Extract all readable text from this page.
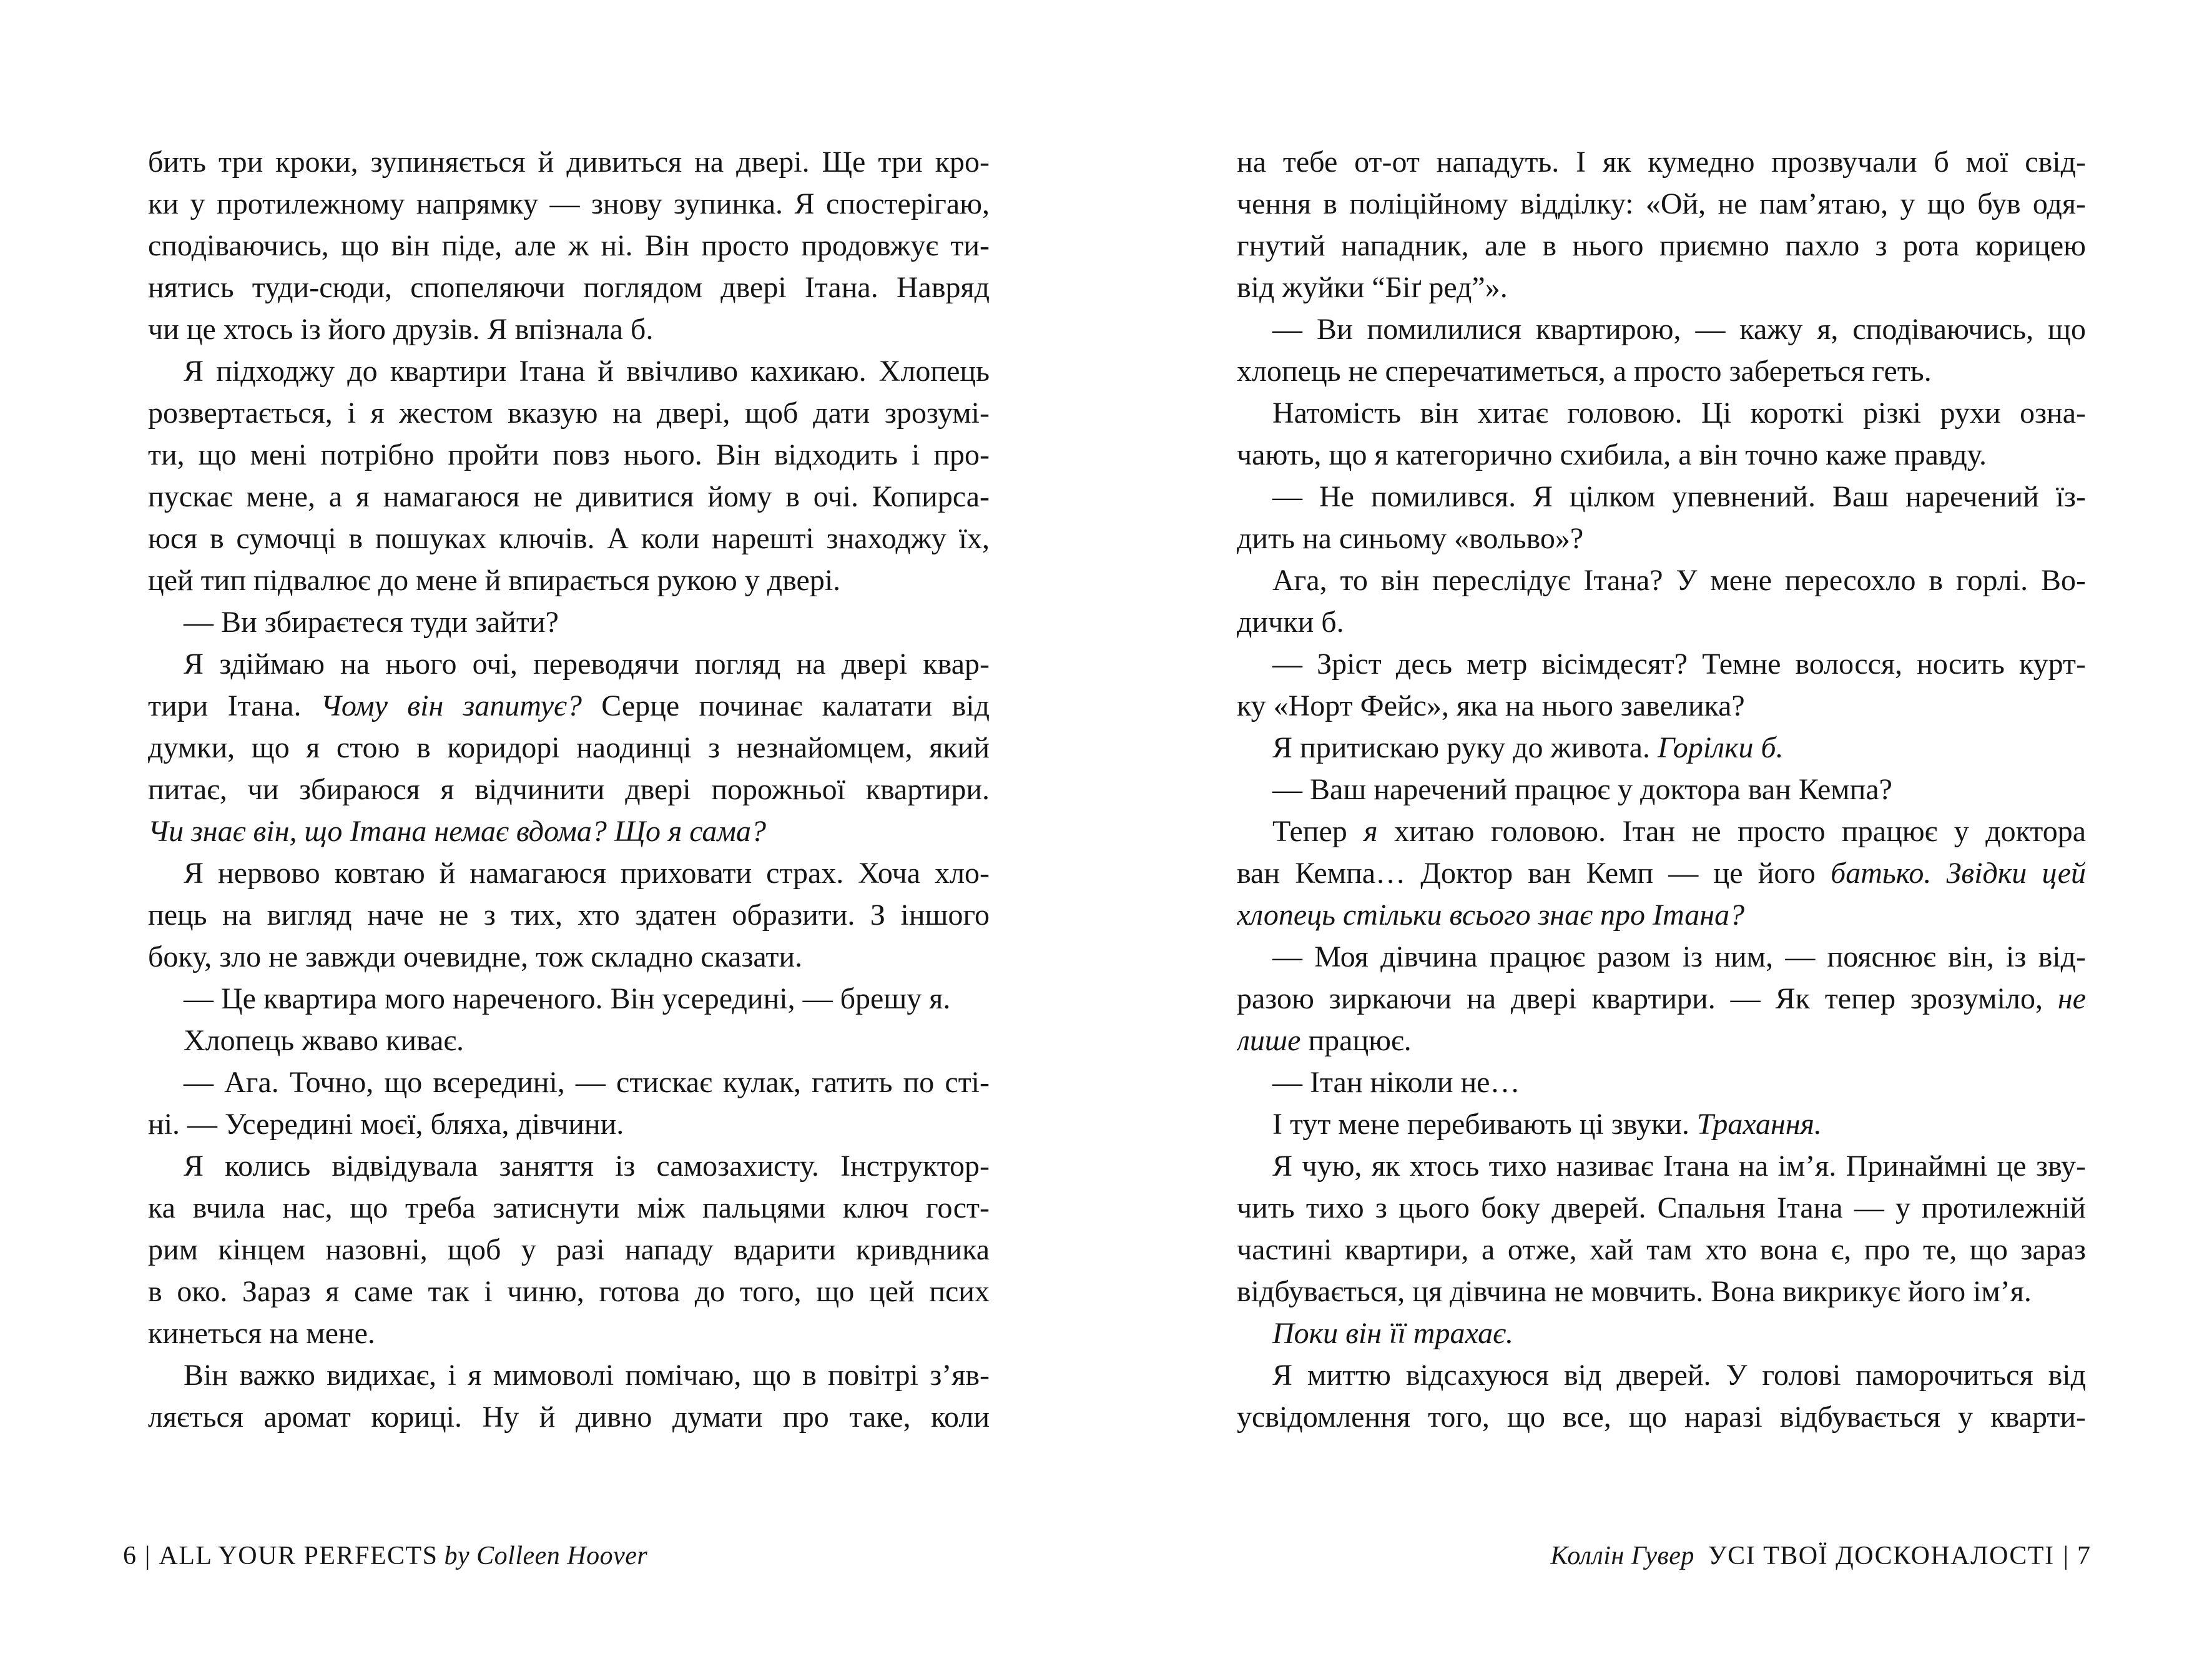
бить три кроки, зупиняється й дивиться на двері. Ще три кро-
ки у протилежному напрямку — знову зупинка. Я спостерігаю,
сподіваючись, що він піде, але ж ні. Він просто продовжує ти-
нятись туди-сюди, спопеляючи поглядом двері Ітана. Навряд
чи це хтось із його друзів. Я впізнала б.
Я підходжу до квартири Ітана й ввічливо кахикаю. Хлопець
розвертається, і я жестом вказую на двері, щоб дати зрозумі-
ти, що мені потрібно пройти повз нього. Він відходить і про-
пускає мене, а я намагаюся не дивитися йому в очі. Копирса-
юся в сумочці в пошуках ключів. А коли нарешті знаходжу їх,
цей тип підвалює до мене й впирається рукою у двері.
— Ви збираєтеся туди зайти?
Я здіймаю на нього очі, переводячи погляд на двері квар-
тири Ітана. Чому він запитує? Серце починає калатати від
думки, що я стою в коридорі наодинці з незнайомцем, який
питає, чи збираюся я відчинити двері порожньої квартири.
Чи знає він, що Ітана немає вдома? Що я сама?
Я нервово ковтаю й намагаюся приховати страх. Хоча хло-
пець на вигляд наче не з тих, хто здатен образити. З іншого
боку, зло не завжди очевидне, тож складно сказати.
— Це квартира мого нареченого. Він усередині, — брешу я.
Хлопець жваво киває.
— Ага. Точно, що всередині, — стискає кулак, гатить по сті-
ні. — Усередині моєї, бляха, дівчини.
Я колись відвідувала заняття із самозахисту. Інструктор-
ка вчила нас, що треба затиснути між пальцями ключ гост-
рим кінцем назовні, щоб у разі нападу вдарити кривдника
в око. Зараз я саме так і чиню, готова до того, що цей псих
кинеться на мене.
Він важко видихає, і я мимоволі помічаю, що в повітрі з’яв-
ляється аромат кориці. Ну й дивно думати про таке, коли
на тебе от-от нападуть. І як кумедно прозвучали б мої свід-
чення в поліційному відділку: «Ой, не пам’ятаю, у що був одя-
гнутий нападник, але в нього приємно пахло з рота корицею
від жуйки “Біґ ред”».
— Ви помилилися квартирою, — кажу я, сподіваючись, що
хлопець не сперечатиметься, а просто забереться геть.
Натомість він хитає головою. Ці короткі різкі рухи озна-
чають, що я категорично схибила, а він точно каже правду.
— Не помилився. Я цілком упевнений. Ваш наречений їз-
дить на синьому «вольво»?
Ага, то він переслідує Ітана? У мене пересохло в горлі. Во-
дички б.
— Зріст десь метр вісімдесят? Темне волосся, носить курт-
ку «Норт Фейс», яка на нього завелика?
Я притискаю руку до живота. Горілки б.
— Ваш наречений працює у доктора ван Кемпа?
Тепер я хитаю головою. Ітан не просто працює у доктора
ван Кемпа… Доктор ван Кемп — це його батько. Звідки цей
хлопець стільки всього знає про Ітана?
— Моя дівчина працює разом із ним, — пояснює він, із від-
разою зиркаючи на двері квартири. — Як тепер зрозуміло, не
лише працює.
— Ітан ніколи не…
І тут мене перебивають ці звуки. Трахання.
Я чую, як хтось тихо називає Ітана на ім’я. Принаймні це зву-
чить тихо з цього боку дверей. Спальня Ітана — у протилежній
частині квартири, а отже, хай там хто вона є, про те, що зараз
відбувається, ця дівчина не мовчить. Вона викрикує його ім’я.
Поки він її трахає.
Я миттю відсахуюся від дверей. У голові паморочиться від
усвідомлення того, що все, що наразі відбувається у кварти-
6 | ALL YOUR PERFECTS by Colleen Hoover	Коллін Гувер УСІ ТВОЇ ДОСКОНАЛОСТІ | 7
